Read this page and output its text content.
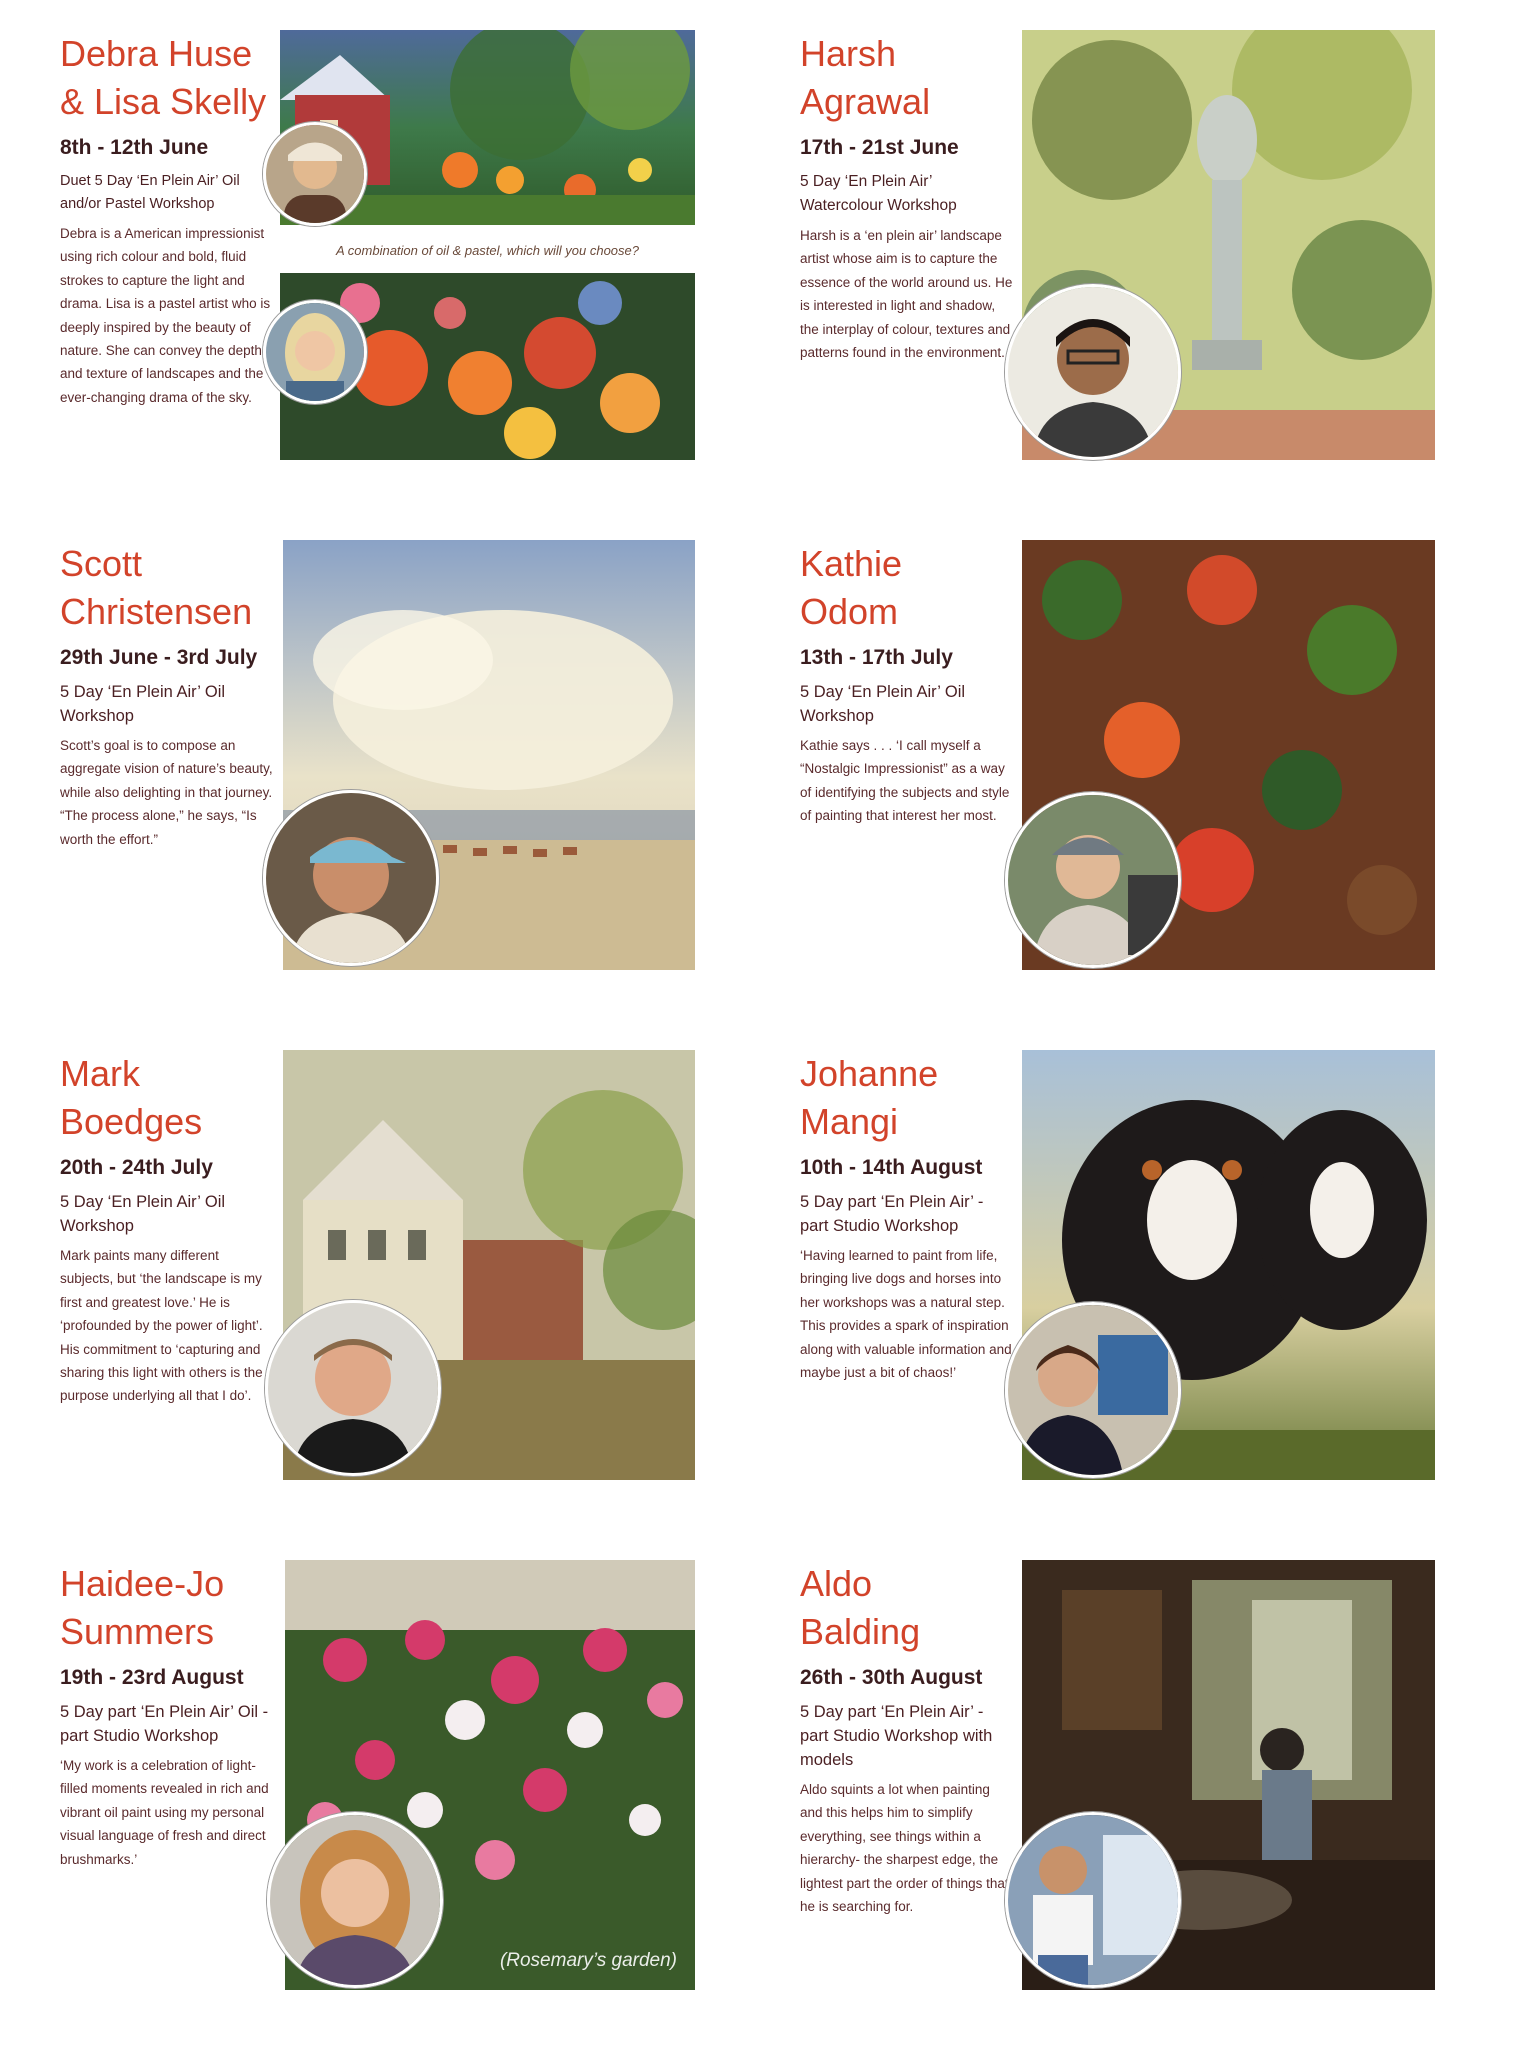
Debra Huse
& Lisa Skelly
8th - 12th June
Duet 5 Day ‘En Plein Air’ Oil and/or Pastel Workshop

Debra is a American impressionist using rich colour and bold, fluid strokes to capture the light and drama. Lisa is a pastel artist who is deeply inspired by the beauty of nature. She can convey the depth and texture of landscapes and the ever-changing drama of the sky.

A combination of oil & pastel, which will you choose?
Harsh
Agrawal
17th - 21st June
5 Day ‘En Plein Air’ Watercolour Workshop

Harsh is a ‘en plein air’ landscape artist whose aim is to capture the essence of the world around us. He is interested in light and shadow, the interplay of colour, textures and patterns found in the environment.

Scott
Christensen
29th June - 3rd July
5 Day ‘En Plein Air’ Oil Workshop

Scott’s goal is to compose an aggregate vision of nature’s beauty, while also delighting in that journey. “The process alone,” he says, “Is worth the effort.”

Kathie
Odom
13th - 17th July
5 Day ‘En Plein Air’ Oil Workshop

Kathie says . . . ‘I call myself a “Nostalgic Impressionist” as a way of identifying the subjects and style of painting that interest her most.

Mark
Boedges
20th - 24th July
5 Day ‘En Plein Air’ Oil Workshop

Mark paints many different subjects, but ‘the landscape is my first and greatest love.’ He is ‘profounded by the power of light’. His commitment to ‘capturing and sharing this light with others is the purpose underlying all that I do’.

Johanne
Mangi
10th - 14th August
5 Day part ‘En Plein Air’ - part Studio Workshop

‘Having learned to paint from life, bringing live dogs and horses into her workshops was a natural step. This provides a spark of inspiration along with valuable information and maybe just a bit of chaos!’

Haidee-Jo
Summers
19th - 23rd August
5 Day part ‘En Plein Air’ Oil - part Studio Workshop

‘My work is a celebration of light-filled moments revealed in rich and vibrant oil paint using my personal visual language of fresh and direct brushmarks.’

(Rosemary’s garden)
Aldo
Balding
26th - 30th August
5 Day part ‘En Plein Air’ - part Studio Workshop with models

Aldo squints a lot when painting and this helps him to simplify everything, see things within a hierarchy- the sharpest edge, the lightest part the order of things that he is searching for.
